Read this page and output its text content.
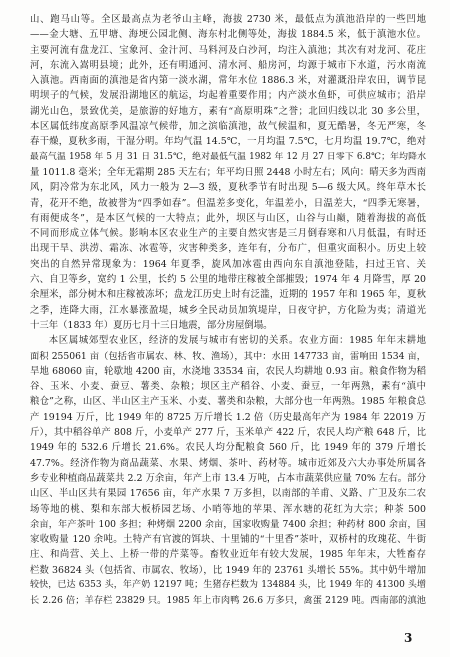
山、跑马山等。全区最高点为老爷山主峰，海拔 2730 米，最低点为滇池沿岸的一些凹地
——金大塘、五甲塘、海埂公园北侧、海东村北侧等处，海拔 1884.5 米，低于滇池水位。
主要河流有盘龙江、宝象河、金汁河、马料河及白沙河，均注入滇池；其次有对龙河、花庄
河，东流入嵩明县境；此外，还有明通河、清水河、船房河，均源于城市下水道，污水南流
入滇池。西南面的滇池是省内第一淡水湖，常年水位 1886.3 米，对灌溉沿岸农田，调节昆
明坝子的气候，发展沿湖地区的航运，均起着重要作用；内产淡水鱼虾，可供应城市；沿岸
湖光山色，景致优美，是旅游的好地方，素有“高原明珠”之誉；北回归线以北 30 多公里，
本区属低纬度高原季风温凉气候带，加之滨临滇池，故气候温和，夏无酷暑，冬无严寒，冬
春干燥，夏秋多雨，干湿分明。年均气温 14.5℃，一月均温 7.5℃，七月均温 19.7℃，绝对
最高气温 1958 年 5 月 31 日 31.5℃，绝对最低气温 1982 年 12 月 27 日零下 6.8℃；年均降水
量 1011.8 毫米；全年无霜期 285 天左右；年平均日照 2448 小时左右；风向：晴天多为西南
风，阴冷常为东北风，风力一般为 2—3 级，夏秋季节有时出现 5—6 级大风。终年草木长
青，花开不绝，故被誉为“四季如春”。但温差多变化，年温差小，日温差大，“四季无寒暑，
有雨便成冬”，是本区气候的一大特点；此外，坝区与山区，山谷与山巅，随着海拔的高低
不同而形成立体气候。影响本区农业生产的主要自然灾害是三月倒春寒和八月低温，有时还
出现干旱、洪涝、霜冻、冰雹等，灾害种类多，连年有，分布广，但重灾面积小。历史上较
突出的自然异常现象为：1964 年夏季，旋风加冰雹由西向东自滇池登陆，扫过王官、关
六、自卫等乡，宽约 1 公里，长约 5 公里的地带庄稼被全部摧毁；1974 年 4 月降雪，厚 20
余厘米，部分树木和庄稼被冻坏；盘龙江历史上时有泛滥，近期的 1957 年和 1965 年，夏秋
之季，连降大雨，江水暴涨盈堤，城乡全民动员加筑堤岸，日夜守护，方化险为夷；清道光
十三年（1833 年）夏历七月十三日地震，部分房屋倒塌。
本区属城郊型农业区，经济的发展与城市有密切的关系。农业方面：1985 年年末耕地
面积 255061 亩（包括省市属农、林、牧、渔场），其中：水田 147733 亩，雷响田 1534 亩，
旱地 68060 亩，轮歇地 4200 亩，水浇地 33534 亩，农民人均耕地 0.93 亩。粮食作物为稻
谷、玉米、小麦、蚕豆、薯类、杂粮；坝区主产稻谷、小麦、蚕豆，一年两熟，素有“滇中
粮仓”之称，山区、半山区主产玉米、小麦、薯类和杂粮，大部分也一年两熟。1985 年粮食总
产 19194 万斤，比 1949 年的 8725 万斤增长 1.2 倍（历史最高年产为 1984 年 22019 万
斤），其中稻谷单产 808 斤，小麦单产 277 斤，玉米单产 422 斤，农民人均产粮 648 斤，比
1949 年的 532.6 斤增长 21.6%。农民人均分配粮食 560 斤，比 1949 年的 379 斤增长
47.7%。经济作物为商品蔬菜、水果、烤烟、茶叶、药材等。城市近郊及六大办事处所属各
乡专业种植商品蔬菜共 2.2 万余亩，年产上市 13.4 万吨，占本市蔬菜供应量 70% 左右。部分
山区、半山区共有果园 17656 亩，年产水果 7 万多担，以南部的羊甫、义路、广卫及东二农
场等地的桃、梨和东部大板桥园艺场、小哨等地的苹果、浑水塘的花红为大宗；种茶 500
余亩，年产茶叶 100 多担；种烤烟 2200 余亩，国家收购量 7400 余担；种药材 800 余亩，国
家收购量 120 余吨。土特产有官渡的饵块、十里铺的“十里香”茶叶，双桥村的玫瑰花、牛街
庄、和尚营、关上、上桥一带的芹菜等。畜牧业近年有较大发展，1985 年年末，大牲畜存
栏数 36824 头（包括省、市属农、牧场），比 1949 年的 23761 头增长 55%。其中奶牛增加
较快，已达 6353 头，年产奶 12197 吨；生猪存栏数为 134884 头，比 1949 年的 41300 头增
长 2.26 倍；羊存栏 23829 只。1985 年上市肉鸭 26.6 万多只，禽蛋 2129 吨。西南部的滇池
3
